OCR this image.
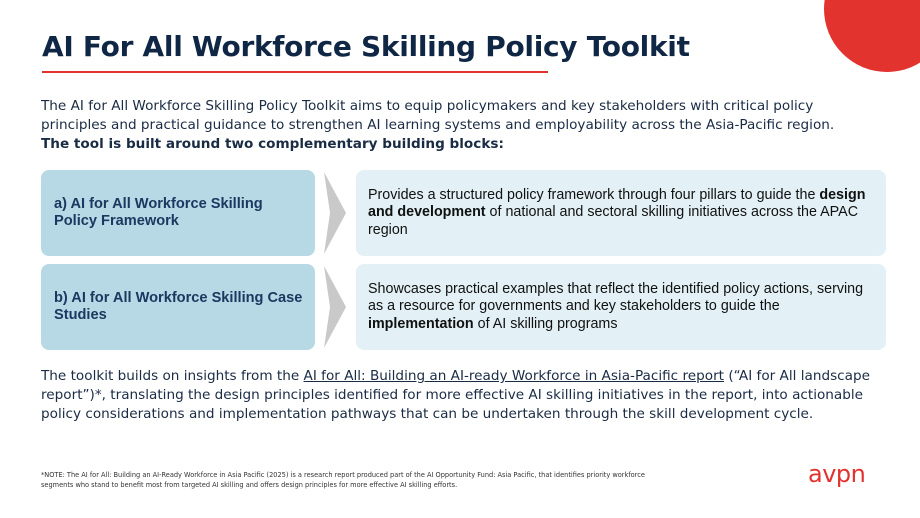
AI For All Workforce Skilling Policy Toolkit
The AI for All Workforce Skilling Policy Toolkit aims to equip policymakers and key stakeholders with critical policy principles and practical guidance to strengthen AI learning systems and employability across the Asia-Pacific region.
The tool is built around two complementary building blocks:
a) AI for All Workforce Skilling Policy Framework
Provides a structured policy framework through four pillars to guide the design and development of national and sectoral skilling initiatives across the APAC region
b) AI for All Workforce Skilling Case Studies
Showcases practical examples that reflect the identified policy actions, serving as a resource for governments and key stakeholders to guide the implementation of AI skilling programs
The toolkit builds on insights from the AI for All: Building an AI-ready Workforce in Asia-Pacific report (“AI for All landscape report”)*, translating the design principles identified for more effective AI skilling initiatives in the report, into actionable policy considerations and implementation pathways that can be undertaken through the skill development cycle.
*NOTE: The AI for All: Building an AI-Ready Workforce in Asia Pacific (2025) is a research report produced part of the AI Opportunity Fund: Asia Pacific, that identifies priority workforce segments who stand to benefit most from targeted AI skilling and offers design principles for more effective AI skilling efforts.	avpn
